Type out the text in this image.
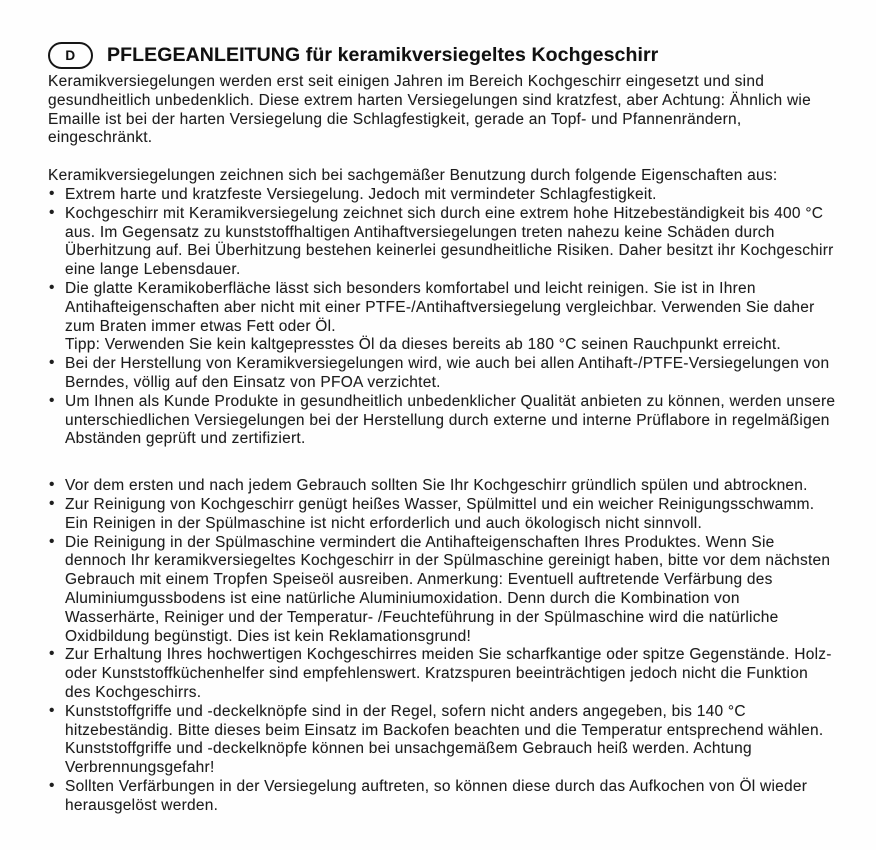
D	PFLEGEANLEITUNG für keramikversiegeltes Kochgeschirr

Keramikversiegelungen werden erst seit einigen Jahren im Bereich Kochgeschirr eingesetzt und sind gesundheitlich unbedenklich. Diese extrem harten Versiegelungen sind kratzfest, aber Achtung: Ähnlich wie Emaille ist bei der harten Versiegelung die Schlagfestigkeit, gerade an Topf- und Pfannenrändern, eingeschränkt.

Keramikversiegelungen zeichnen sich bei sachgemäßer Benutzung durch folgende Eigenschaften aus:

• Extrem harte und kratzfeste Versiegelung. Jedoch mit vermindeter Schlagfestigkeit.
• Kochgeschirr mit Keramikversiegelung zeichnet sich durch eine extrem hohe Hitzebeständigkeit bis 400 °C aus. Im Gegensatz zu kunststoffhaltigen Antihaftversiegelungen treten nahezu keine Schäden durch Überhitzung auf. Bei Überhitzung bestehen keinerlei gesundheitliche Risiken. Daher besitzt ihr Kochgeschirr eine lange Lebensdauer.
• Die glatte Keramikoberfläche lässt sich besonders komfortabel und leicht reinigen. Sie ist in Ihren Antihafteigenschaften aber nicht mit einer PTFE-/Antihaftversiegelung vergleichbar. Verwenden Sie daher zum Braten immer etwas Fett oder Öl.
Tipp: Verwenden Sie kein kaltgepresstes Öl da dieses bereits ab 180 °C seinen Rauchpunkt erreicht.
• Bei der Herstellung von Keramikversiegelungen wird, wie auch bei allen Antihaft-/PTFE-Versiegelungen von Berndes, völlig auf den Einsatz von PFOA verzichtet.
• Um Ihnen als Kunde Produkte in gesundheitlich unbedenklicher Qualität anbieten zu können, werden unsere unterschiedlichen Versiegelungen bei der Herstellung durch externe und interne Prüflabore in regelmäßigen Abständen geprüft und zertifiziert.
• Vor dem ersten und nach jedem Gebrauch sollten Sie Ihr Kochgeschirr gründlich spülen und abtrocknen.
• Zur Reinigung von Kochgeschirr genügt heißes Wasser, Spülmittel und ein weicher Reinigungsschwamm. Ein Reinigen in der Spülmaschine ist nicht erforderlich und auch ökologisch nicht sinnvoll.
• Die Reinigung in der Spülmaschine vermindert die Antihafteigenschaften Ihres Produktes. Wenn Sie dennoch Ihr keramikversiegeltes Kochgeschirr in der Spülmaschine gereinigt haben, bitte vor dem nächsten Gebrauch mit einem Tropfen Speiseöl ausreiben. Anmerkung: Eventuell auftretende Verfärbung des Aluminiumgussbodens ist eine natürliche Aluminiumoxidation. Denn durch die Kombination von Wasserhärte, Reiniger und der Temperatur- /Feuchteführung in der Spülmaschine wird die natürliche Oxidbildung begünstigt. Dies ist kein Reklamationsgrund!
• Zur Erhaltung Ihres hochwertigen Kochgeschirres meiden Sie scharfkantige oder spitze Gegenstände. Holz- oder Kunststoffküchenhelfer sind empfehlenswert. Kratzspuren beeinträchtigen jedoch nicht die Funktion des Kochgeschirrs.
• Kunststoffgriffe und -deckelknöpfe sind in der Regel, sofern nicht anders angegeben, bis 140 °C hitzebeständig. Bitte dieses beim Einsatz im Backofen beachten und die Temperatur entsprechend wählen. Kunststoffgriffe und -deckelknöpfe können bei unsachgemäßem Gebrauch heiß werden. Achtung Verbrennungsgefahr!
• Sollten Verfärbungen in der Versiegelung auftreten, so können diese durch das Aufkochen von Öl wieder herausgelöst werden.
